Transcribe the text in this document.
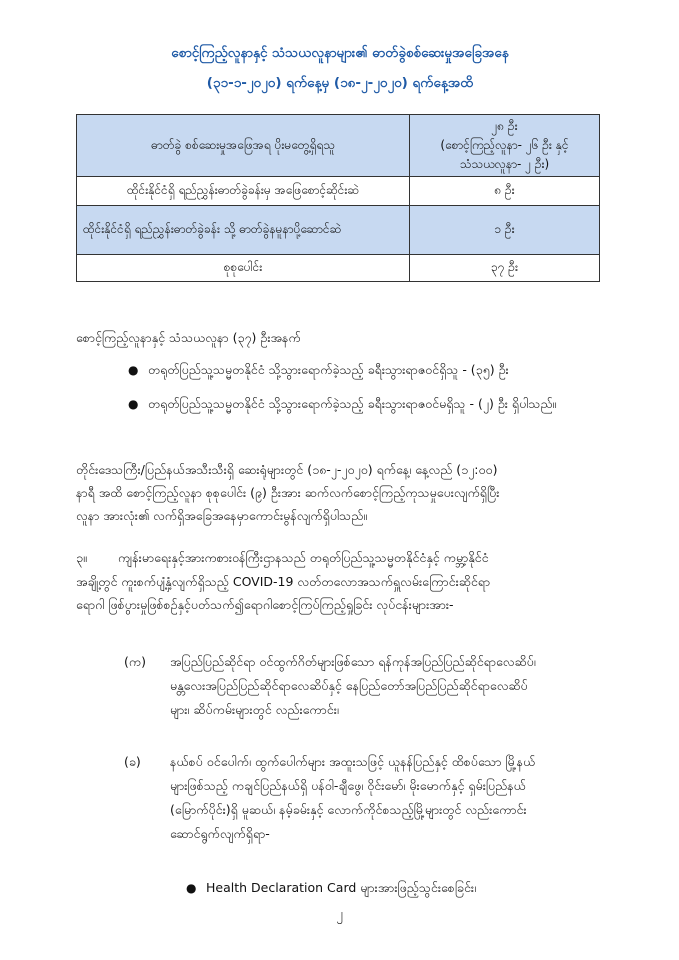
စောင့်ကြည့်လူနာနှင့် သံသယလူနာများ၏ ဓာတ်ခွဲစစ်ဆေးမှုအခြေအနေ
(၃၁-၁-၂၀၂၀) ရက်နေ့မှ (၁၈-၂-၂၀၂၀) ရက်နေ့အထိ
ဓာတ်ခွဲ စစ်ဆေးမှုအဖြေအရ ပိုးမတွေ့ရှိရသူ	၂၈ ဦး
(စောင့်ကြည့်လူနာ- ၂၆ ဦး နှင့်
သံသယလူနာ- ၂ ဦး)

ထိုင်းနိုင်ငံရှိ ရည်ညွှန်းဓာတ်ခွဲခန်းမှ အဖြေစောင့်ဆိုင်းဆဲ	၈ ဦး
ထိုင်းနိုင်ငံရှိ ရည်ညွှန်းဓာတ်ခွဲခန်း သို့ ဓာတ်ခွဲနမူနာပို့ဆောင်ဆဲ	၁ ဦး
စုစုပေါင်း	၃၇ ဦး
စောင့်ကြည့်လူနာနှင့် သံသယလူနာ (၃၇) ဦးအနက်
● တရုတ်ပြည်သူ့သမ္မတနိုင်ငံ သို့သွားရောက်ခဲ့သည့် ခရီးသွားရာဇဝင်ရှိသူ - (၃၅) ဦး
● တရုတ်ပြည်သူ့သမ္မတနိုင်ငံ သို့သွားရောက်ခဲ့သည့် ခရီးသွားရာဇဝင်မရှိသူ - (၂) ဦး ရှိပါသည်။
တိုင်းဒေသကြီး/ပြည်နယ်အသီးသီးရှိ ဆေးရုံများတွင် (၁၈-၂-၂၀၂၀) ရက်နေ့၊ နေ့လည် (၁၂:၀၀)
နာရီ အထိ စောင့်ကြည့်လူနာ စုစုပေါင်း (၉) ဦးအား ဆက်လက်စောင့်ကြည့်ကုသမှုပေးလျက်ရှိပြီး
လူနာ အားလုံး၏ လက်ရှိအခြေအနေမှာကောင်းမွန်လျက်ရှိပါသည်။
၃။ ကျန်းမာရေးနှင့်အားကစားဝန်ကြီးဌာနသည် တရုတ်ပြည်သူ့သမ္မတနိုင်ငံနှင့် ကမ္ဘာ့နိုင်ငံ
အချို့တွင် ကူးစက်ပျံ့နှံ့လျက်ရှိသည့် COVID-19 လတ်တလောအသက်ရှူလမ်းကြောင်းဆိုင်ရာ
ရောဂါ ဖြစ်ပွားမှုဖြစ်စဉ်နှင့်ပတ်သက်၍ရောဂါစောင့်ကြပ်ကြည့်ရှုခြင်း လုပ်ငန်းများအား-
(က) အပြည်ပြည်ဆိုင်ရာ ဝင်ထွက်ဂိတ်များဖြစ်သော ရန်ကုန်အပြည်ပြည်ဆိုင်ရာလေဆိပ်၊
မန္တလေးအပြည်ပြည်ဆိုင်ရာလေဆိပ်နှင့် နေပြည်တော်အပြည်ပြည်ဆိုင်ရာလေဆိပ်
များ၊ ဆိပ်ကမ်းများတွင် လည်းကောင်း၊
(ခ) နယ်စပ် ဝင်ပေါက်၊ ထွက်ပေါက်များ အထူးသဖြင့် ယူနန်ပြည်နှင့် ထိစပ်သော မြို့နယ်
များဖြစ်သည့် ကချင်ပြည်နယ်ရှိ ပန်ဝါ-ချီဖွေ၊ ဝိုင်းမော်၊ မိုးမောက်နှင့် ရှမ်းပြည်နယ်
(မြောက်ပိုင်း)ရှိ မူဆယ်၊ နမ့်ခမ်းနှင့် လောက်ကိုင်စသည့်မြို့များတွင် လည်းကောင်း
ဆောင်ရွက်လျက်ရှိရာ-
● Health Declaration Card များအားဖြည့်သွင်းစေခြင်း၊
၂
